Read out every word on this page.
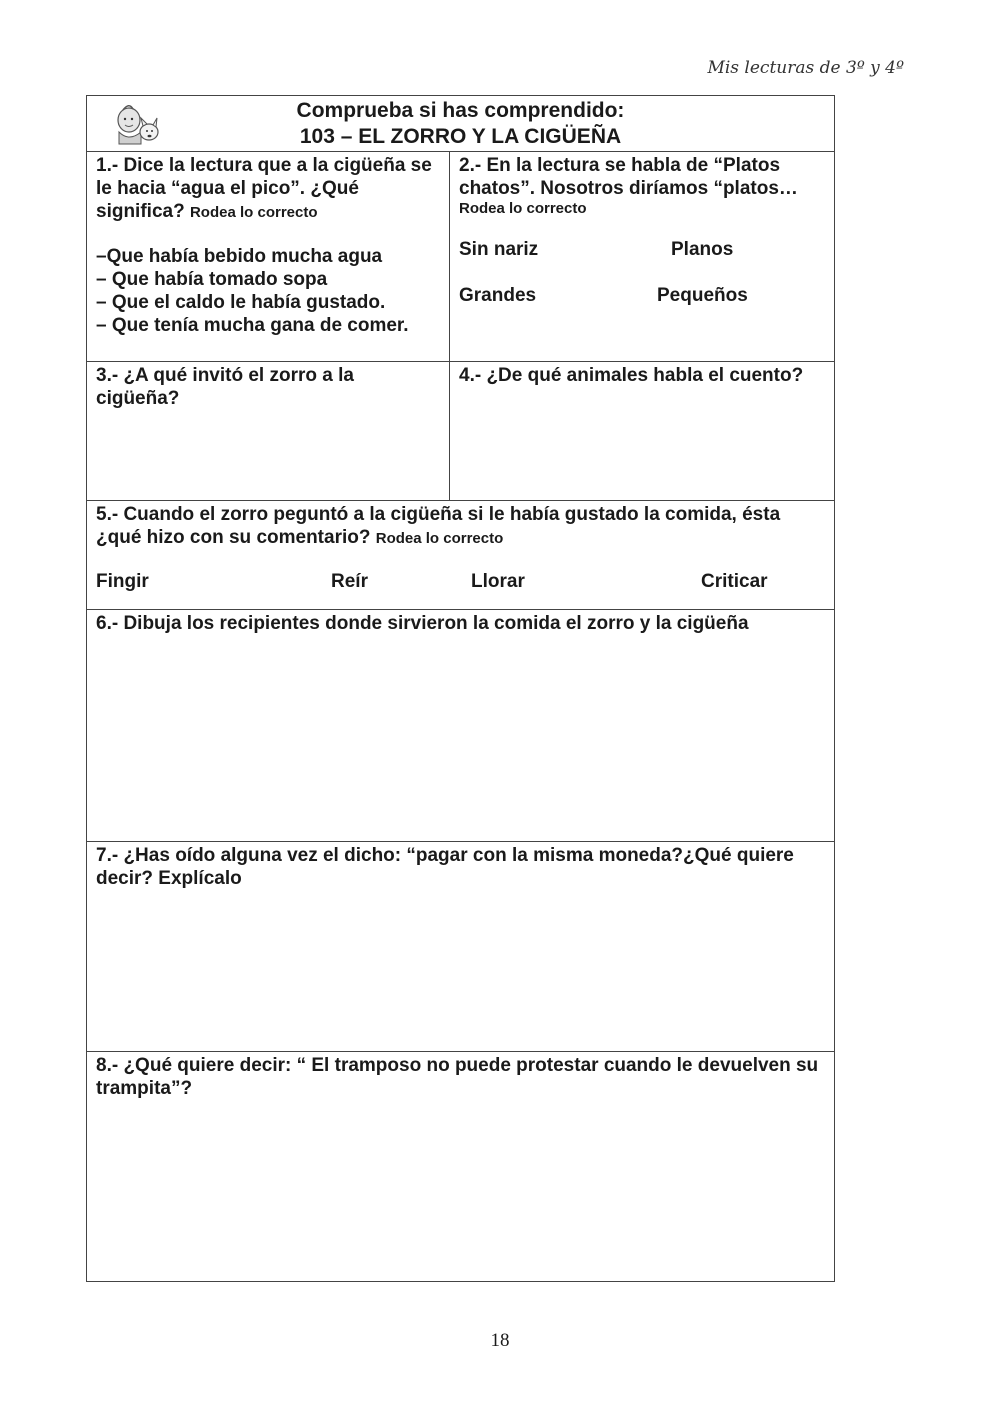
Mis lecturas de 3º y 4º
Comprueba si has comprendido:
103 – EL ZORRO Y LA CIGÜEÑA
1.- Dice la lectura que a la cigüeña se le hacia “agua el pico”. ¿Qué significa? Rodea lo correcto
–Que había bebido mucha agua
– Que había tomado sopa
– Que el caldo le había gustado.
– Que tenía mucha gana de comer.
2.- En la lectura se habla de “Platos chatos”. Nosotros diríamos “platos…
Rodea lo correcto
Sin nariz	Planos
Grandes	Pequeños
3.- ¿A qué invitó el zorro a la cigüeña?
4.- ¿De qué animales habla el cuento?
5.- Cuando el zorro peguntó a la cigüeña si le había gustado la comida, ésta ¿qué hizo con su comentario? Rodea lo correcto
Fingir	Reír	Llorar	Criticar
6.- Dibuja los recipientes donde sirvieron la comida el zorro y la cigüeña
7.- ¿Has oído alguna vez el dicho: “pagar con la misma moneda?¿Qué quiere decir? Explícalo
8.- ¿Qué quiere decir: “ El tramposo no puede protestar cuando le devuelven su trampita”?
18
